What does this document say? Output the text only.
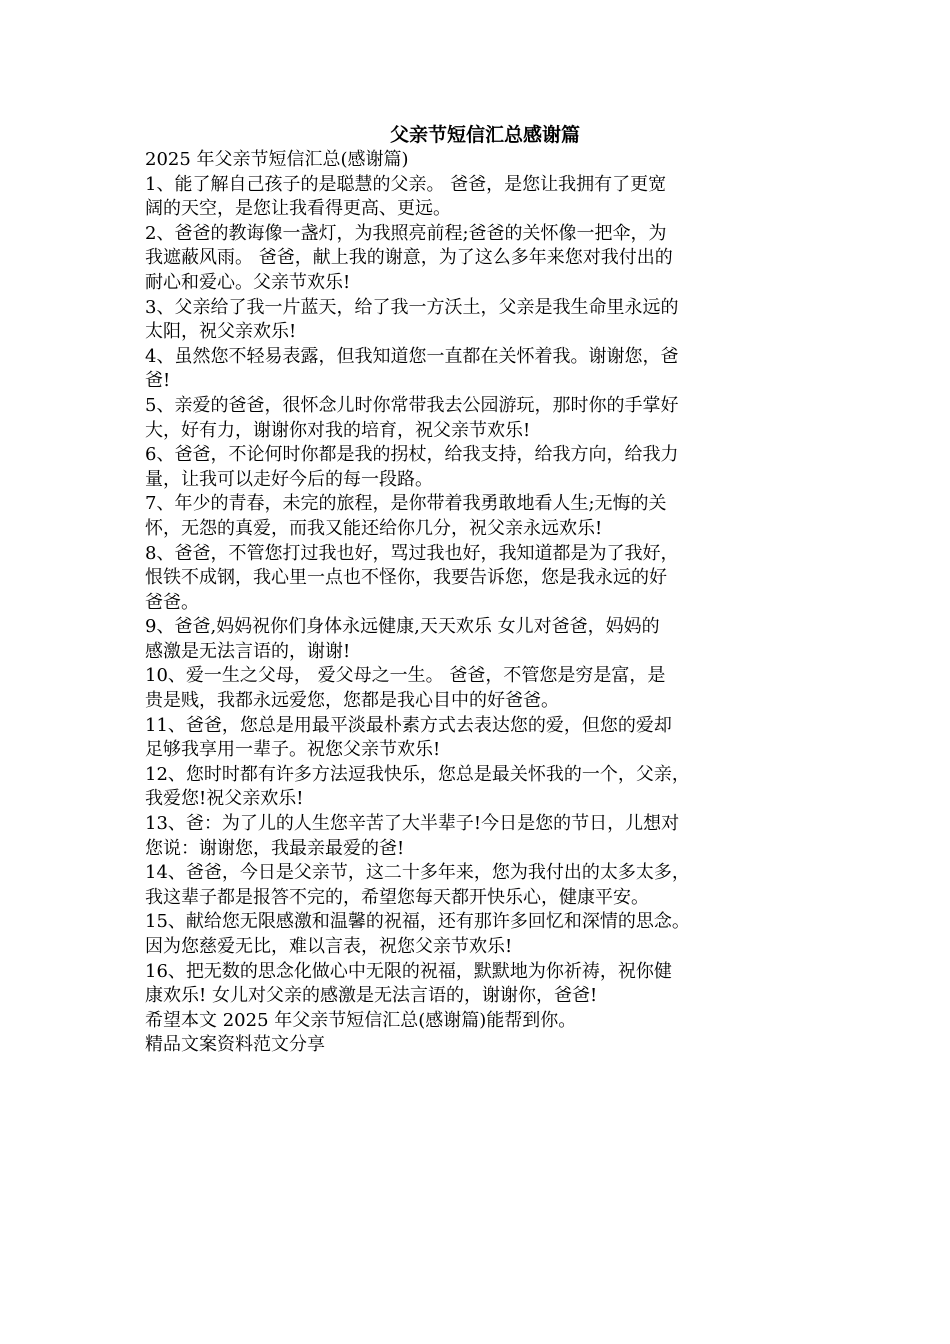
父亲节短信汇总感谢篇

2025 年父亲节短信汇总(感谢篇)

1、能了解自己孩子的是聪慧的父亲。 爸爸，是您让我拥有了更宽

阔的天空，是您让我看得更高、更远。

2、爸爸的教诲像一盏灯，为我照亮前程;爸爸的关怀像一把伞，为

我遮蔽风雨。 爸爸，献上我的谢意，为了这么多年来您对我付出的

耐心和爱心。父亲节欢乐!

3、父亲给了我一片蓝天，给了我一方沃土，父亲是我生命里永远的

太阳，祝父亲欢乐!

4、虽然您不轻易表露，但我知道您一直都在关怀着我。谢谢您，爸

爸!

5、亲爱的爸爸，很怀念儿时你常带我去公园游玩，那时你的手掌好

大，好有力，谢谢你对我的培育，祝父亲节欢乐!

6、爸爸，不论何时你都是我的拐杖，给我支持，给我方向，给我力

量，让我可以走好今后的每一段路。

7、年少的青春，未完的旅程，是你带着我勇敢地看人生;无悔的关

怀，无怨的真爱，而我又能还给你几分，祝父亲永远欢乐!

8、爸爸，不管您打过我也好，骂过我也好，我知道都是为了我好，

恨铁不成钢，我心里一点也不怪你，我要告诉您，您是我永远的好

爸爸。

9、爸爸,妈妈祝你们身体永远健康,天天欢乐 女儿对爸爸，妈妈的

感激是无法言语的，谢谢!

10、爱一生之父母， 爱父母之一生。 爸爸，不管您是穷是富，是

贵是贱，我都永远爱您，您都是我心目中的好爸爸。

11、爸爸，您总是用最平淡最朴素方式去表达您的爱，但您的爱却

足够我享用一辈子。祝您父亲节欢乐!

12、您时时都有许多方法逗我快乐，您总是最关怀我的一个，父亲，

我爱您!祝父亲欢乐!

13、爸：为了儿的人生您辛苦了大半辈子!今日是您的节日，儿想对

您说：谢谢您，我最亲最爱的爸!

14、爸爸，今日是父亲节，这二十多年来，您为我付出的太多太多，

我这辈子都是报答不完的，希望您每天都开快乐心，健康平安。

15、献给您无限感激和温馨的祝福，还有那许多回忆和深情的思念。

因为您慈爱无比，难以言表，祝您父亲节欢乐!

16、把无数的思念化做心中无限的祝福，默默地为你祈祷，祝你健

康欢乐! 女儿对父亲的感激是无法言语的，谢谢你，爸爸!

希望本文 2025 年父亲节短信汇总(感谢篇)能帮到你。

精品文案资料范文分享
